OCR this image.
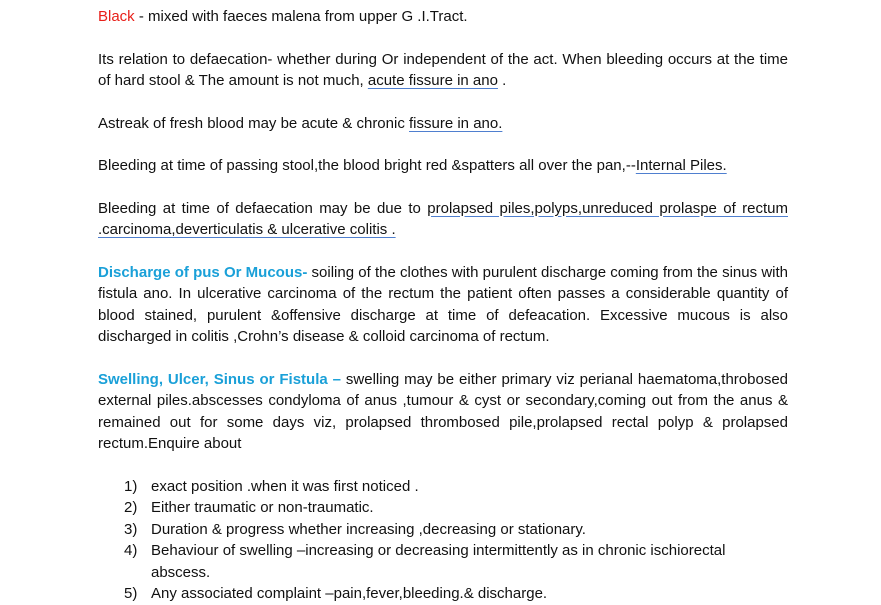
Black - mixed with faeces malena from upper G .I.Tract.

Its relation to defaecation- whether during Or independent of the act. When bleeding occurs at the time of hard stool & The amount is not much, acute fissure in ano .

Astreak of fresh blood may be acute & chronic fissure in ano.

Bleeding at time of passing stool,the blood bright red &spatters all over the pan,--Internal Piles.

Bleeding at time of defaecation may be due to prolapsed piles,polyps,unreduced prolaspe of rectum .carcinoma,deverticulatis & ulcerative colitis .

Discharge of pus Or Mucous- soiling of the clothes with purulent discharge coming from the sinus with fistula ano. In ulcerative carcinoma of the rectum the patient often passes a considerable quantity of blood stained, purulent &offensive discharge at time of defeacation. Excessive mucous is also discharged in colitis ,Crohn’s disease & colloid carcinoma of rectum.

Swelling, Ulcer, Sinus or Fistula – swelling may be either primary viz perianal haematoma,throbosed external piles.abscesses condyloma of anus ,tumour & cyst or secondary,coming out from the anus & remained out for some days viz, prolapsed thrombosed pile,prolapsed rectal polyp & prolapsed rectum.Enquire about

1) exact position .when it was first noticed .
2) Either traumatic or non-traumatic.
3) Duration & progress whether increasing ,decreasing or stationary.
4) Behaviour of swelling –increasing or decreasing intermittently as in chronic ischiorectal abscess.
5) Any associated complaint –pain,fever,bleeding.& discharge.
